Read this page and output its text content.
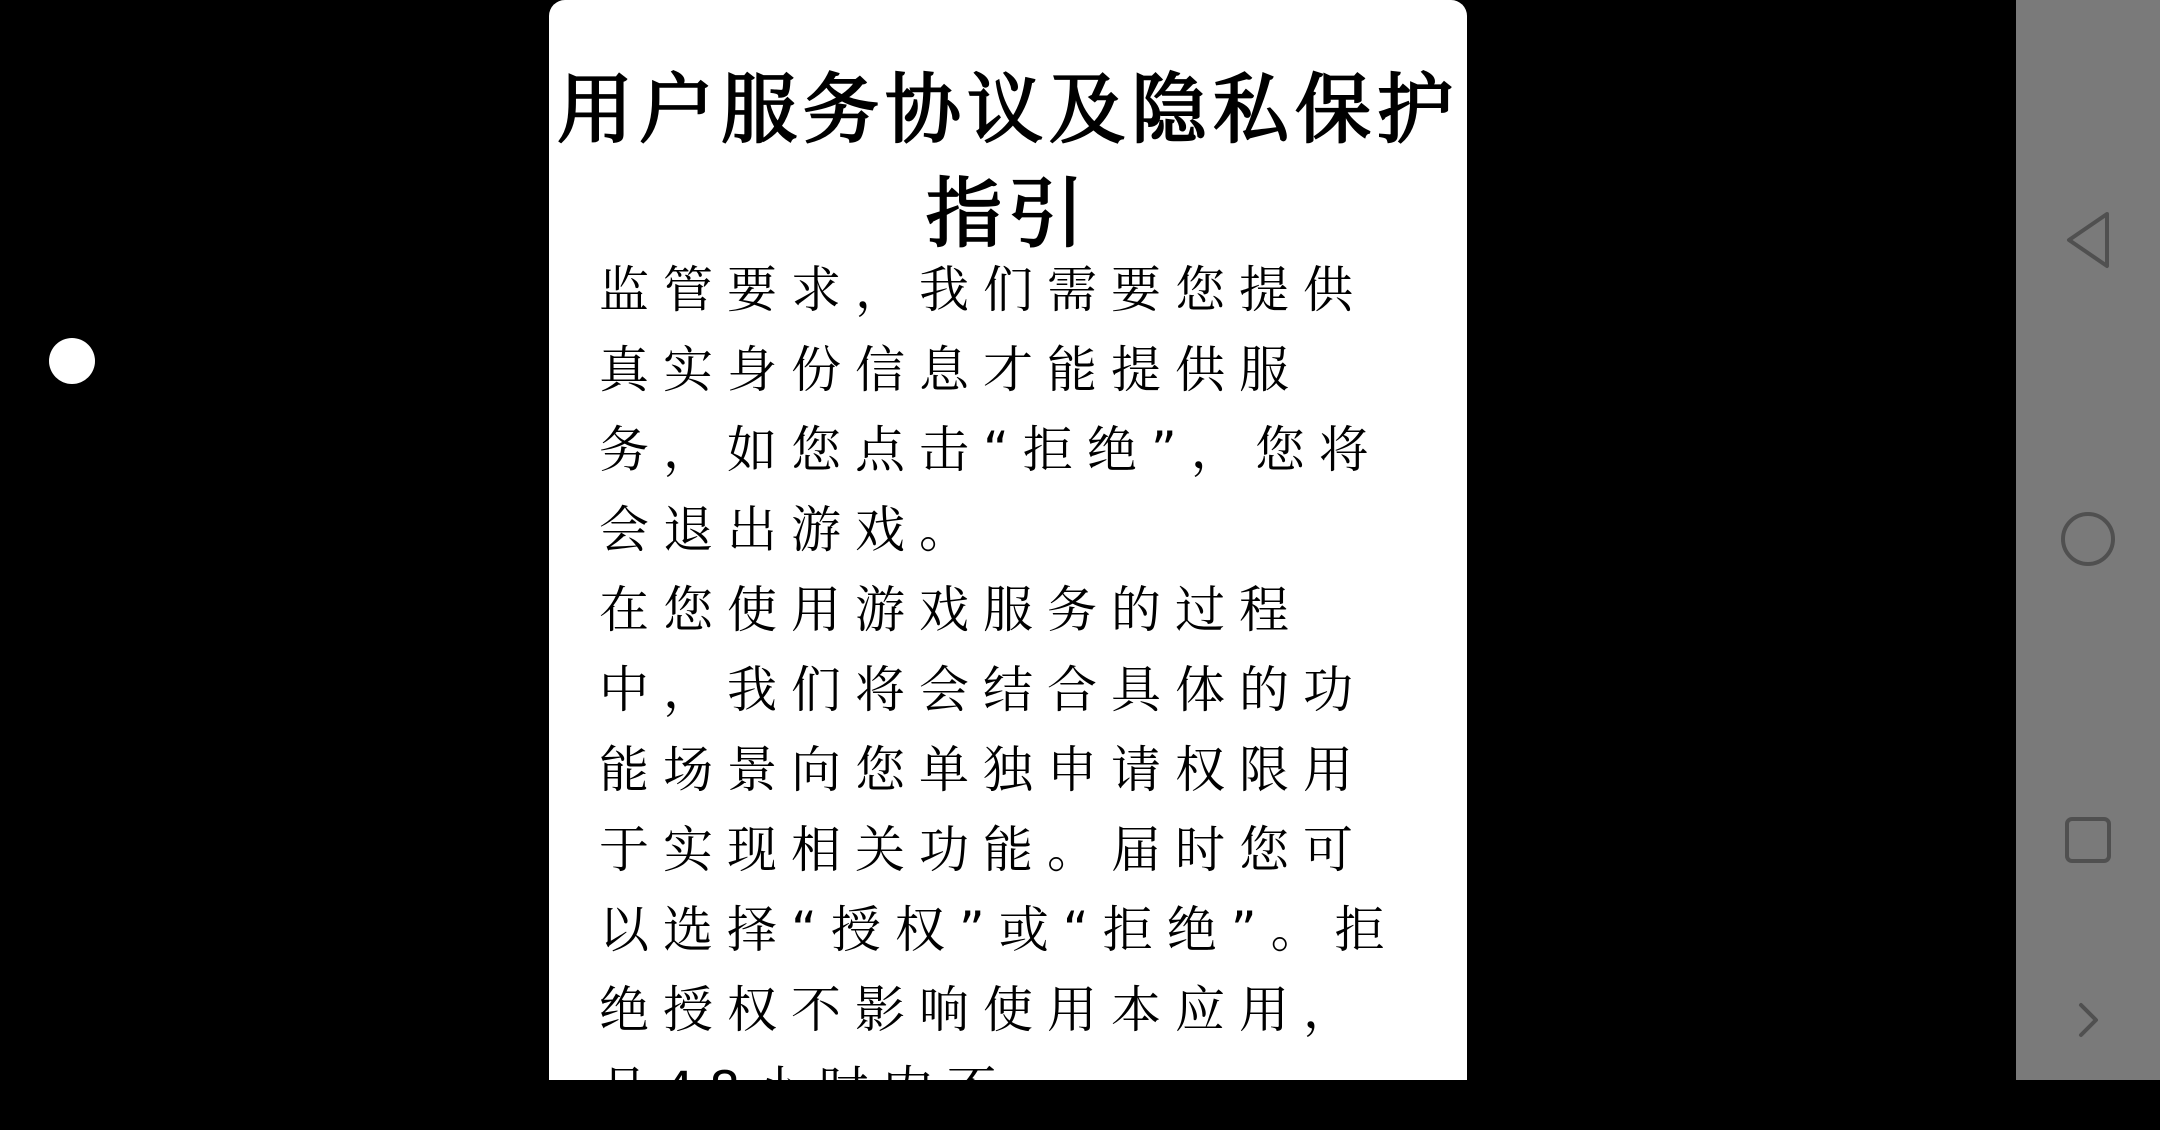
用户服务协议及隐私保护指引

监管要求，我们需要您提供真实身份信息才能提供服务，如您点击“拒绝”，您将会退出游戏。

在您使用游戏服务的过程中，我们将会结合具体的功能场景向您单独申请权限用于实现相关功能。届时您可以选择“授权”或“拒绝”。拒绝授权不影响使用本应用，且48小时内不
